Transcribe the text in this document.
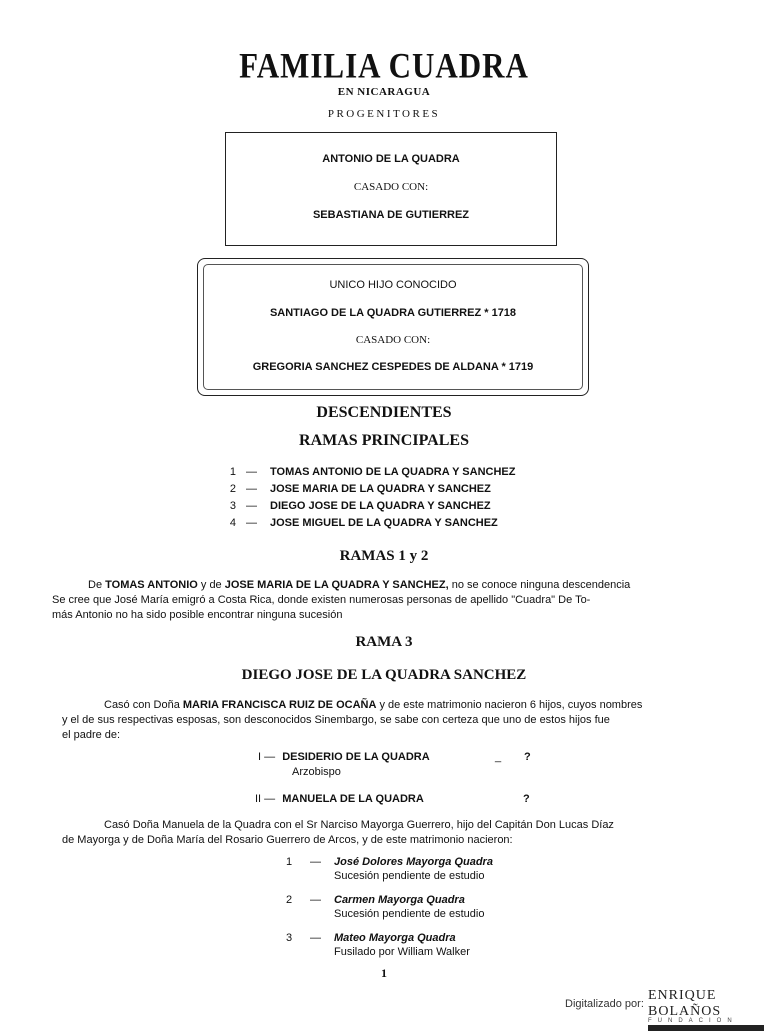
FAMILIA CUADRA
EN NICARAGUA
PROGENITORES
ANTONIO DE LA QUADRA
CASADO CON:
SEBASTIANA DE GUTIERREZ
UNICO HIJO CONOCIDO
SANTIAGO DE LA QUADRA GUTIERREZ * 1718
CASADO CON:
GREGORIA SANCHEZ CESPEDES DE ALDANA * 1719
DESCENDIENTES
RAMAS PRINCIPALES
1 — TOMAS ANTONIO DE LA QUADRA Y SANCHEZ
2 — JOSE MARIA DE LA QUADRA Y SANCHEZ
3 — DIEGO JOSE DE LA QUADRA Y SANCHEZ
4 — JOSE MIGUEL DE LA QUADRA Y SANCHEZ
RAMAS 1 y 2
De TOMAS ANTONIO y de JOSE MARIA DE LA QUADRA Y SANCHEZ, no se conoce ninguna descendencia
Se cree que José María emigró a Costa Rica, donde existen numerosas personas de apellido "Cuadra" De To-
más Antonio no ha sido posible encontrar ninguna sucesión
RAMA 3
DIEGO JOSE DE LA QUADRA SANCHEZ
Casó con Doña MARIA FRANCISCA RUIZ DE OCAÑA y de este matrimonio nacieron 6 hijos, cuyos nombres
y el de sus respectivas esposas, son desconocidos Sinembargo, se sabe con certeza que uno de estos hijos fue
el padre de:
I — DESIDERIO DE LA QUADRA	_ ?
Arzobispo
II — MANUELA DE LA QUADRA	?
Casó Doña Manuela de la Quadra con el Sr Narciso Mayorga Guerrero, hijo del Capitán Don Lucas Díaz
de Mayorga y de Doña María del Rosario Guerrero de Arcos, y de este matrimonio nacieron:
1 — José Dolores Mayorga Quadra
Sucesión pendiente de estudio
2 — Carmen Mayorga Quadra
Sucesión pendiente de estudio
3 — Mateo Mayorga Quadra
Fusilado por William Walker
1
Digitalizado por:
ENRIQUE BOLAÑOS
FUNDACION
